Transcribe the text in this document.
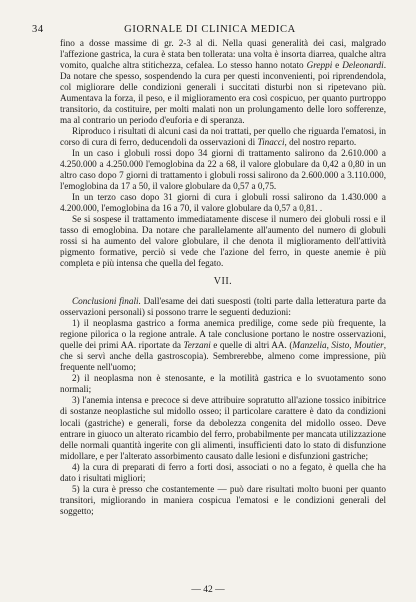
34	GIORNALE DI CLINICA MEDICA

fino a dosse massime di gr. 2-3 al di. Nella quasi generalità dei casi, malgrado l'affezione gastrica, la cura è stata ben tollerata: una volta è insorta diarrea, qualche altra vomito, qualche altra stitichezza, cefalea. Lo stesso hanno notato Greppi e Deleonardi. Da notare che spesso, sospendendo la cura per questi inconvenienti, poi riprendendola, col migliorare delle condizioni generali i succitati disturbi non si ripetevano più. Aumentava la forza, il peso, e il miglioramento era così cospicuo, per quanto purtroppo transitorio, da costituire, per molti malati non un prolungamento delle loro sofferenze, ma al contrario un periodo d'euforia e di speranza.

Riproduco i risultati di alcuni casi da noi trattati, per quello che riguarda l'ematosi, in corso di cura di ferro, deducendoli da osservazioni di Tinacci, del nostro reparto.

In un caso i globuli rossi dopo 34 giorni di trattamento salirono da 2.610.000 a 4.250.000 a 4.250.000 l'emoglobina da 22 a 68, il valore globulare da 0,42 a 0,80 in un altro caso dopo 7 giorni di trattamento i globuli rossi salirono da 2.600.000 a 3.110.000, l'emoglobina da 17 a 50, il valore globulare da 0,57 a 0,75.

In un terzo caso dopo 31 giorni di cura i globuli rossi salirono da 1.430.000 a 4.200.000, l'emoglobina da 16 a 70, il valore globulare da 0,57 a 0,81. .

Se si sospese il trattamento immediatamente discese il numero dei globuli rossi e il tasso di emoglobina. Da notare che parallelamente all'aumento del numero di globuli rossi si ha aumento del valore globulare, il che denota il miglioramento dell'attività pigmento formative, perciò si vede che l'azione del ferro, in queste anemie è più completa e più intensa che quella del fegato.

VII.

Conclusioni finali. Dall'esame dei dati suesposti (tolti parte dalla letteratura parte da osservazioni personali) si possono trarre le seguenti deduzioni:

1) il neoplasma gastrico a forma anemica predilige, come sede più frequente, la regione pilorica o la regione antrale. A tale conclusione portano le nostre osservazioni, quelle dei primi AA. riportate da Terzani e quelle di altri AA. (Manzelia, Sisto, Moutier, che si servì anche della gastroscopia). Sembrerebbe, almeno come impressione, più frequente nell'uomo;

2) il neoplasma non è stenosante, e la motilità gastrica e lo svuotamento sono normali;

3) l'anemia intensa e precoce si deve attribuire sopratutto all'azione tossico inibitrice di sostanze neoplastiche sul midollo osseo; il particolare carattere è dato da condizioni locali (gastriche) e generali, forse da debolezza congenita del midollo osseo. Deve entrare in giuoco un alterato ricambio del ferro, probabilmente per mancata utilizzazione delle normali quantità ingerite con gli alimenti, insufficienti dato lo stato di disfunzione midollare, e per l'alterato assorbimento causato dalle lesioni e disfunzioni gastriche;

4) la cura di preparati di ferro a forti dosi, associati o no a fegato, è quella che ha dato i risultati migliori;

5) la cura è presso che costantemente — può dare risultati molto buoni per quanto transitori, migliorando in maniera cospicua l'ematosi e le condizioni generali del soggetto;

— 42 —
